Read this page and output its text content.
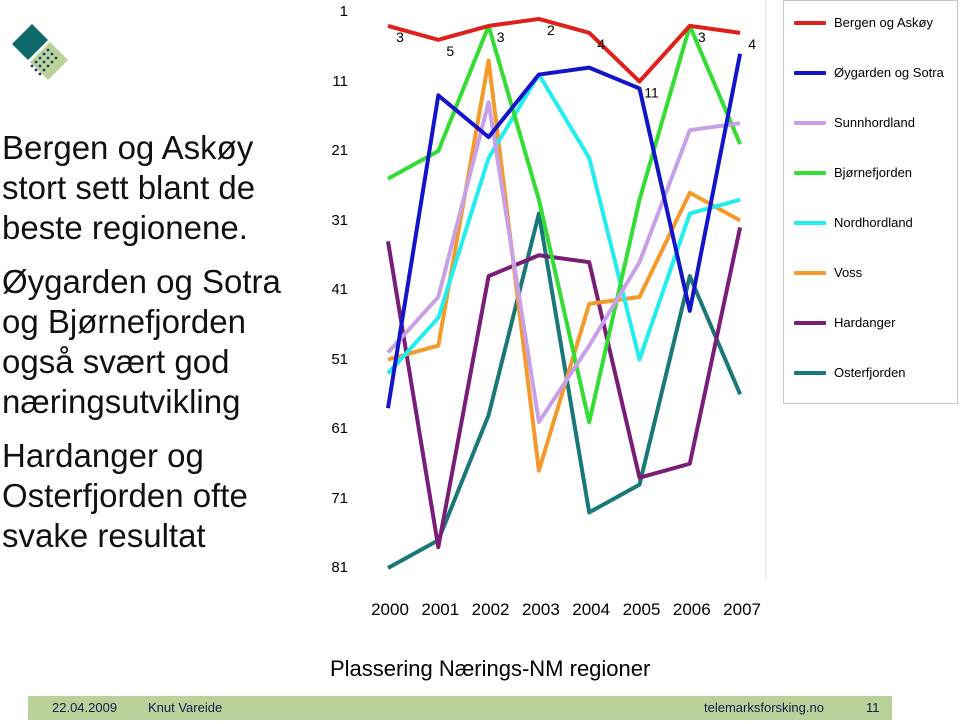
Bergen og Askøy
stort sett blant de
beste regionene.
Øygarden og Sotra
og Bjørnefjorden
også svært god
næringsutvikling
Hardanger og
Osterfjorden ofte
svake resultat
3
5
3	2
4
11
3	4
1
11
21
31
41
51
61
71
81
2000 2001 2002 2003 2004 2005 2006 2007
Plassering Nærings-NM regioner
Bergen og Askøy
Øygarden og Sotra
Sunnhordland
Bjørnefjorden
Nordhordland
Voss
Hardanger
Osterfjorden
22.04.2009 Knut Vareide	telemarksforsking.no	11
